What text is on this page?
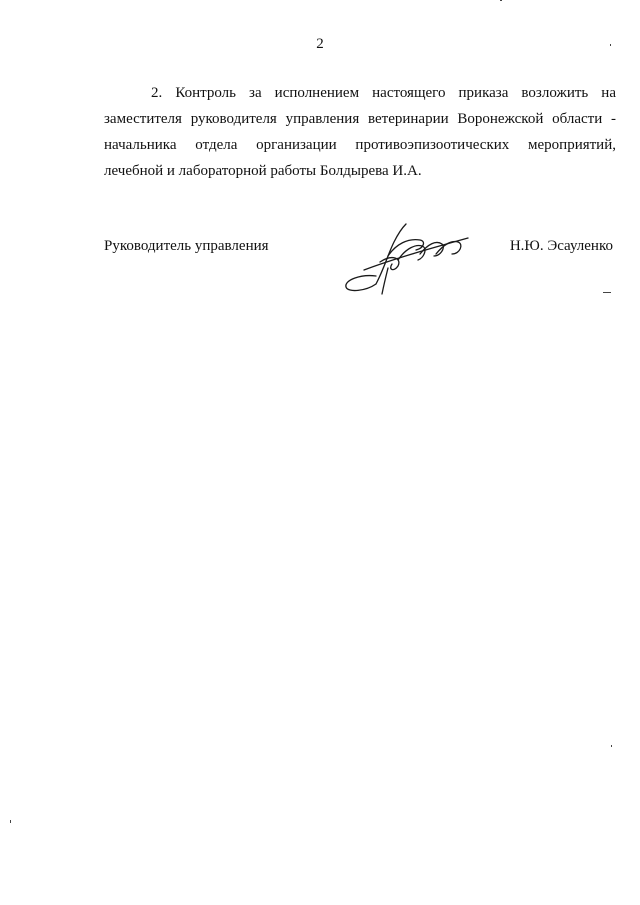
2

2. Контроль за исполнением настоящего приказа возложить на заместителя руководителя управления ветеринарии Воронежской области - начальника отдела организации противоэпизоотических мероприятий, лечебной и лабораторной работы Болдырева И.А.

Руководитель управления	Н.Ю. Эсауленко
